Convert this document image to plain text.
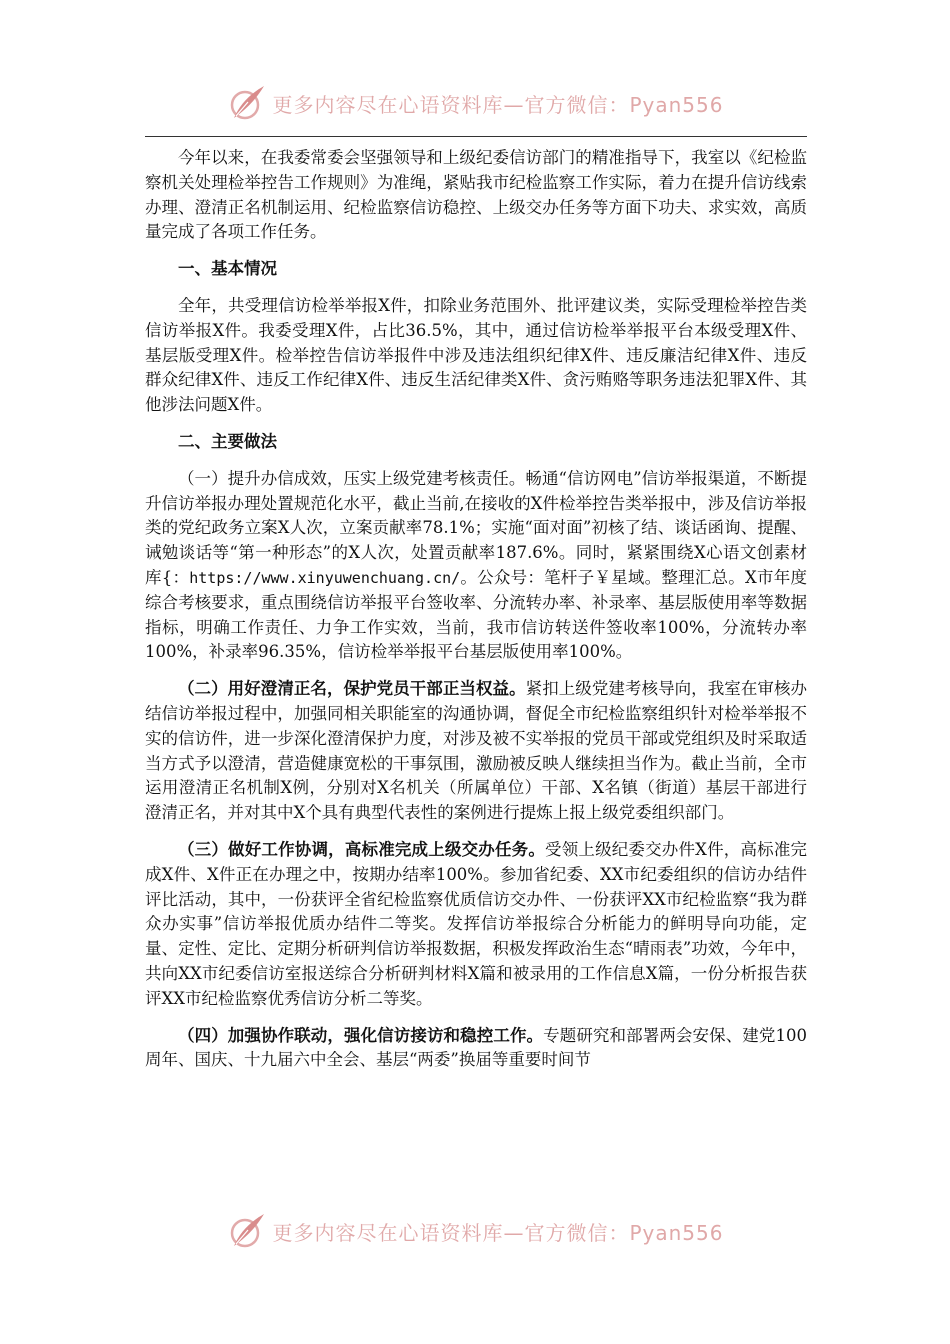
更多内容尽在心语资料库—官方微信：Pyan556

今年以来，在我委常委会坚强领导和上级纪委信访部门的精准指导下，我室以《纪检监察机关处理检举控告工作规则》为准绳，紧贴我市纪检监察工作实际，着力在提升信访线索办理、澄清正名机制运用、纪检监察信访稳控、上级交办任务等方面下功夫、求实效，高质量完成了各项工作任务。

一、基本情况

全年，共受理信访检举举报X件，扣除业务范围外、批评建议类，实际受理检举控告类信访举报X件。我委受理X件，占比36.5%，其中，通过信访检举举报平台本级受理X件、基层版受理X件。检举控告信访举报件中涉及违法组织纪律X件、违反廉洁纪律X件、违反群众纪律X件、违反工作纪律X件、违反生活纪律类X件、贪污贿赂等职务违法犯罪X件、其他涉法问题X件。

二、主要做法

（一）提升办信成效，压实上级党建考核责任。畅通“信访网电”信访举报渠道，不断提升信访举报办理处置规范化水平，截止当前,在接收的X件检举控告类举报中，涉及信访举报类的党纪政务立案X人次，立案贡献率78.1%；实施“面对面”初核了结、谈话函询、提醒、诫勉谈话等“第一种形态”的X人次，处置贡献率187.6%。同时，紧紧围绕X心语文创素材库{：https://www.xinyuwenchuang.cn/。公众号：笔杆子￥星域。整理汇总。X市年度综合考核要求，重点围绕信访举报平台签收率、分流转办率、补录率、基层版使用率等数据指标，明确工作责任、力争工作实效，当前，我市信访转送件签收率100%，分流转办率100%，补录率96.35%，信访检举举报平台基层版使用率100%。

（二）用好澄清正名，保护党员干部正当权益。紧扣上级党建考核导向，我室在审核办结信访举报过程中，加强同相关职能室的沟通协调，督促全市纪检监察组织针对检举举报不实的信访件，进一步深化澄清保护力度，对涉及被不实举报的党员干部或党组织及时采取适当方式予以澄清，营造健康宽松的干事氛围，激励被反映人继续担当作为。截止当前，全市运用澄清正名机制X例，分别对X名机关（所属单位）干部、X名镇（街道）基层干部进行澄清正名，并对其中X个具有典型代表性的案例进行提炼上报上级党委组织部门。

（三）做好工作协调，高标准完成上级交办任务。受领上级纪委交办件X件，高标准完成X件、X件正在办理之中，按期办结率100%。参加省纪委、XX市纪委组织的信访办结件评比活动，其中，一份获评全省纪检监察优质信访交办件、一份获评XX市纪检监察“我为群众办实事”信访举报优质办结件二等奖。发挥信访举报综合分析能力的鲜明导向功能，定量、定性、定比、定期分析研判信访举报数据，积极发挥政治生态“晴雨表”功效，今年中，共向XX市纪委信访室报送综合分析研判材料X篇和被录用的工作信息X篇，一份分析报告获评XX市纪检监察优秀信访分析二等奖。

（四）加强协作联动，强化信访接访和稳控工作。专题研究和部署两会安保、建党100周年、国庆、十九届六中全会、基层“两委”换届等重要时间节

更多内容尽在心语资料库—官方微信：Pyan556
